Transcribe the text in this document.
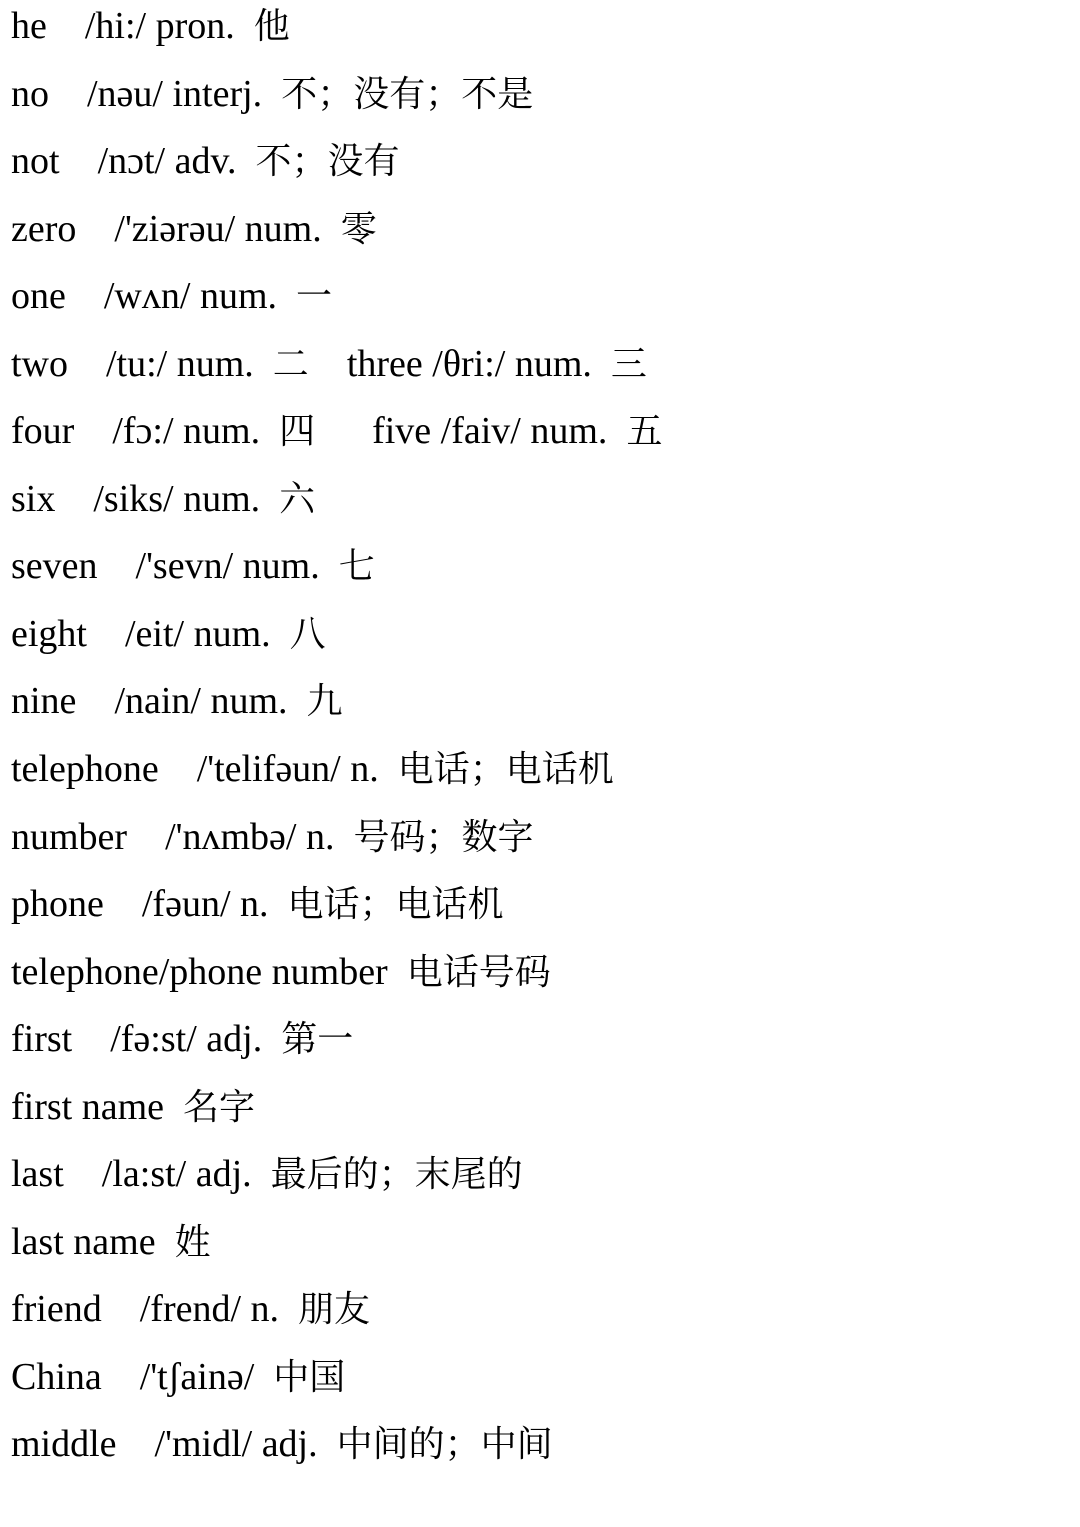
he /hi:/ pron. 他
no /nəu/ interj. 不；没有；不是
not /nɔt/ adv. 不；没有
zero /'ziərəu/ num. 零
one /wʌn/ num. 一
two /tu:/ num. 二    three /θri:/ num.  三
four /fɔ:/ num. 四      five /faiv/ num.  五
six /siks/ num. 六
seven /'sevn/ num. 七
eight /eit/ num. 八
nine /nain/ num. 九
telephone /'telifəun/ n. 电话；电话机
number /'nʌmbə/ n. 号码；数字
phone /fəun/ n. 电话；电话机
telephone/phone number 电话号码
first /fə:st/ adj. 第一
first name 名字
last /la:st/ adj. 最后的；末尾的
last name 姓
friend /frend/ n. 朋友
China /'tʃainə/ 中国
middle /'midl/ adj. 中间的；中间
